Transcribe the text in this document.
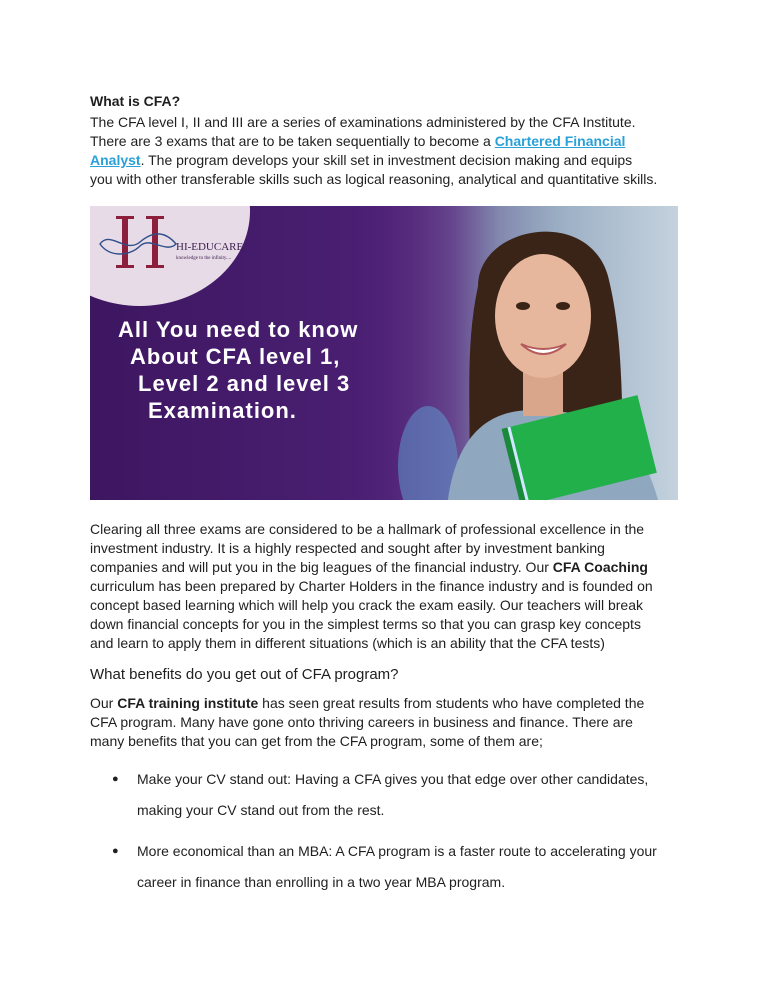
What is CFA?
The CFA level I, II and III are a series of examinations administered by the CFA Institute.
There are 3 exams that are to be taken sequentially to become a Chartered Financial
Analyst. The program develops your skill set in investment decision making and equips
you with other transferable skills such as logical reasoning, analytical and quantitative skills.
Clearing all three exams are considered to be a hallmark of professional excellence in the
investment industry. It is a highly respected and sought after by investment banking
companies and will put you in the big leagues of the financial industry. Our CFA Coaching
curriculum has been prepared by Charter Holders in the finance industry and is founded on
concept based learning which will help you crack the exam easily. Our teachers will break
down financial concepts for you in the simplest terms so that you can grasp key concepts
and learn to apply them in different situations (which is an ability that the CFA tests)
What benefits do you get out of CFA program?
Our CFA training institute has seen great results from students who have completed the
CFA program. Many have gone onto thriving careers in business and finance. There are
many benefits that you can get from the CFA program, some of them are;
● Make your CV stand out: Having a CFA gives you that edge over other candidates,
making your CV stand out from the rest.
● More economical than an MBA: A CFA program is a faster route to accelerating your
career in finance than enrolling in a two year MBA program.
HI-EDUCARE
knowledge to the infinity....
All You need to know
About CFA level 1,
Level 2 and level 3
Examination.
